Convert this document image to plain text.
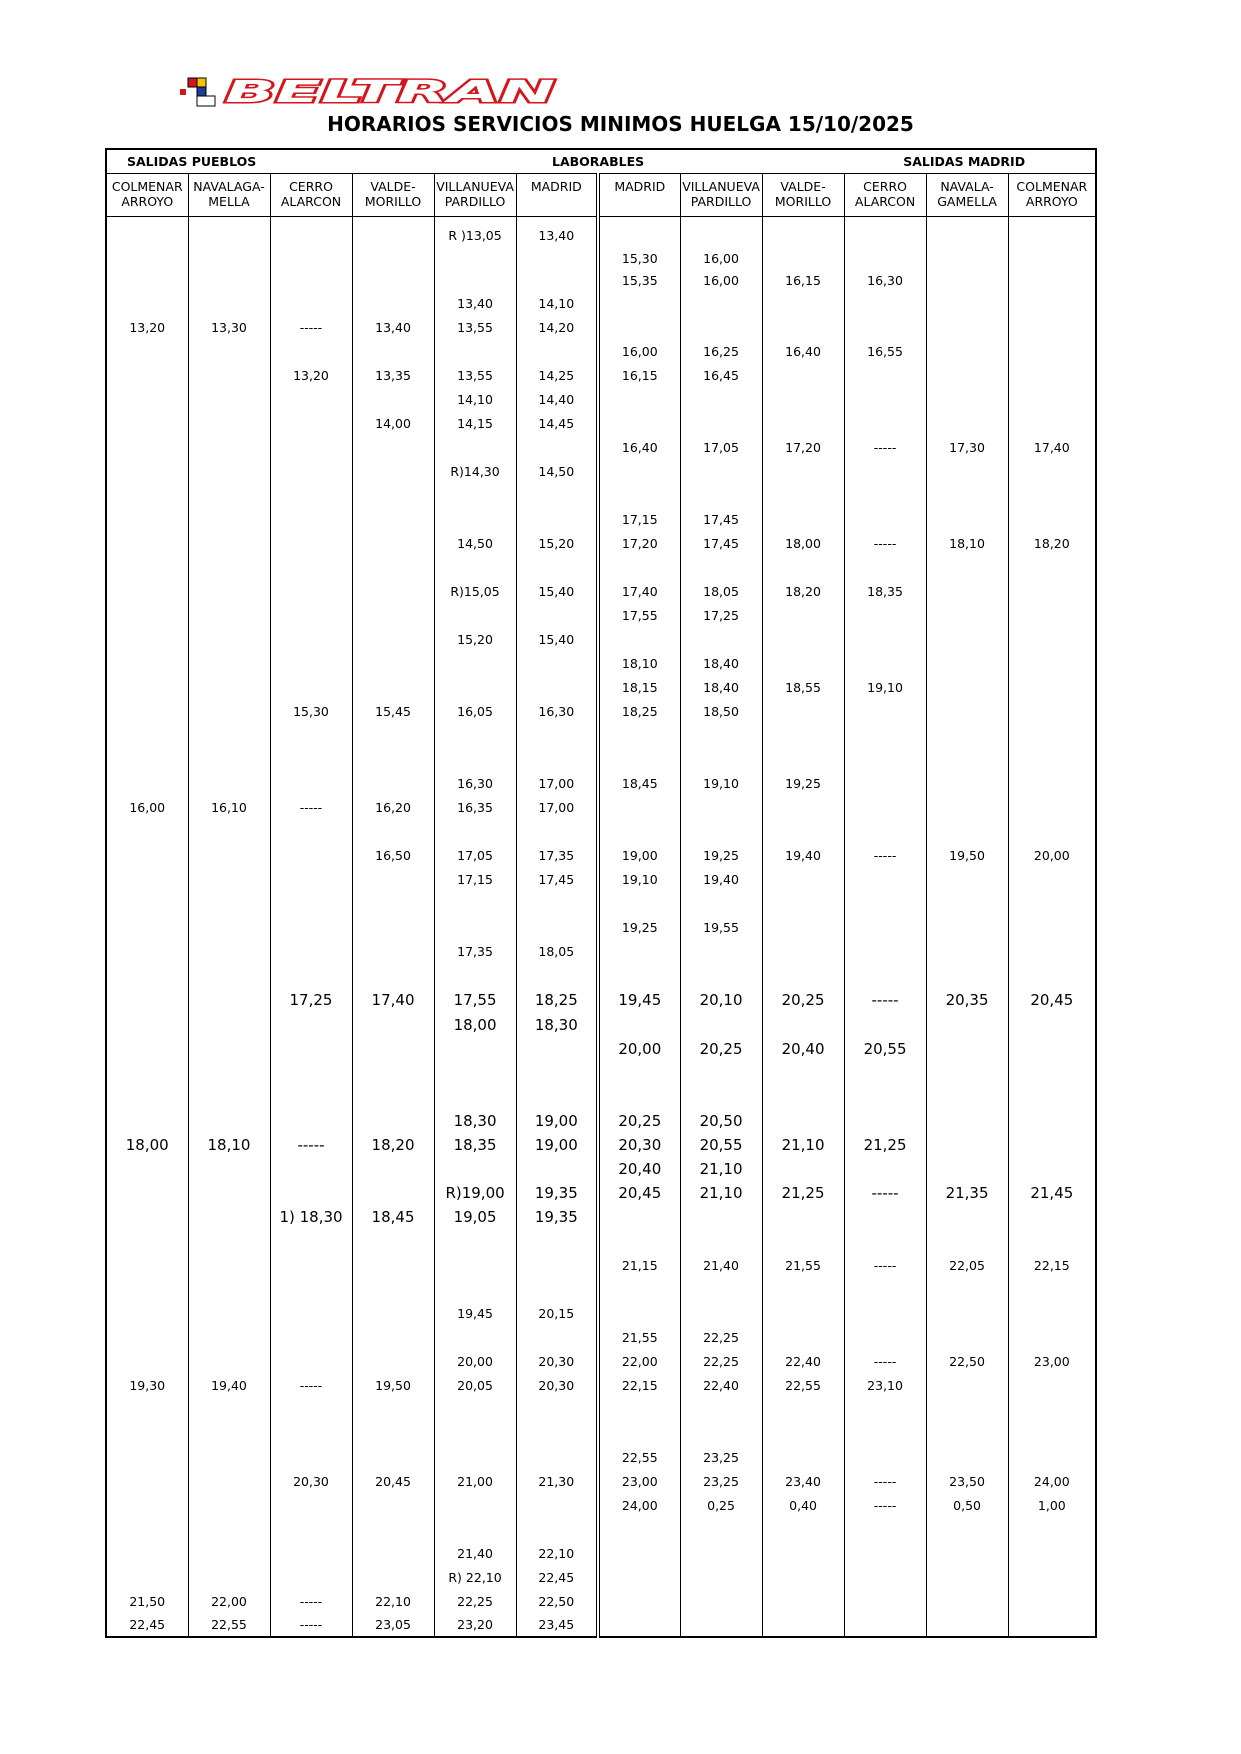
BELTRAN
HORARIOS SERVICIOS MINIMOS HUELGA 15/10/2025
SALIDAS PUEBLOS				LABORABLES				SALIDAS MADRID			
COLMENAR	NAVALAGA-	CERRO	VALDE-	VILLANUEVA	MADRID	MADRID	VILLANUEVA	VALDE-	CERRO	NAVALA-	COLMENAR
ARROYO	MELLA	ALARCON	MORILLO	PARDILLO			PARDILLO	MORILLO	ALARCON	GAMELLA	ARROYO

				R )13,05	13,40						
						15,30	16,00				
						15,35	16,00	16,15	16,30		
				13,40	14,10						
13,20	13,30	-----	13,40	13,55	14,20						
						16,00	16,25	16,40	16,55		
		13,20	13,35	13,55	14,25	16,15	16,45				
				14,10	14,40						
			14,00	14,15	14,45						
						16,40	17,05	17,20	-----	17,30	17,40
				R)14,30	14,50						

						17,15	17,45				
				14,50	15,20	17,20	17,45	18,00	-----	18,10	18,20

				R)15,05	15,40	17,40	18,05	18,20	18,35		
						17,55	17,25				
				15,20	15,40						
						18,10	18,40				
						18,15	18,40	18,55	19,10		
		15,30	15,45	16,05	16,30	18,25	18,50				

				16,30	17,00	18,45	19,10	19,25			
16,00	16,10	-----	16,20	16,35	17,00						

			16,50	17,05	17,35	19,00	19,25	19,40	-----	19,50	20,00
				17,15	17,45	19,10	19,40				

						19,25	19,55				
				17,35	18,05						

		17,25	17,40	17,55	18,25	19,45	20,10	20,25	-----	20,35	20,45
				18,00	18,30						
						20,00	20,25	20,40	20,55		

				18,30	19,00	20,25	20,50				
18,00	18,10	-----	18,20	18,35	19,00	20,30	20,55	21,10	21,25		
						20,40	21,10				
				R)19,00	19,35	20,45	21,10	21,25	-----	21,35	21,45
		1) 18,30	18,45	19,05	19,35						

						21,15	21,40	21,55	-----	22,05	22,15

				19,45	20,15						
						21,55	22,25				
				20,00	20,30	22,00	22,25	22,40	-----	22,50	23,00
19,30	19,40	-----	19,50	20,05	20,30	22,15	22,40	22,55	23,10		

						22,55	23,25				
		20,30	20,45	21,00	21,30	23,00	23,25	23,40	-----	23,50	24,00
						24,00	0,25	0,40	-----	0,50	1,00

				21,40	22,10						
				R) 22,10	22,45						
21,50	22,00	-----	22,10	22,25	22,50						
22,45	22,55	-----	23,05	23,20	23,45						
